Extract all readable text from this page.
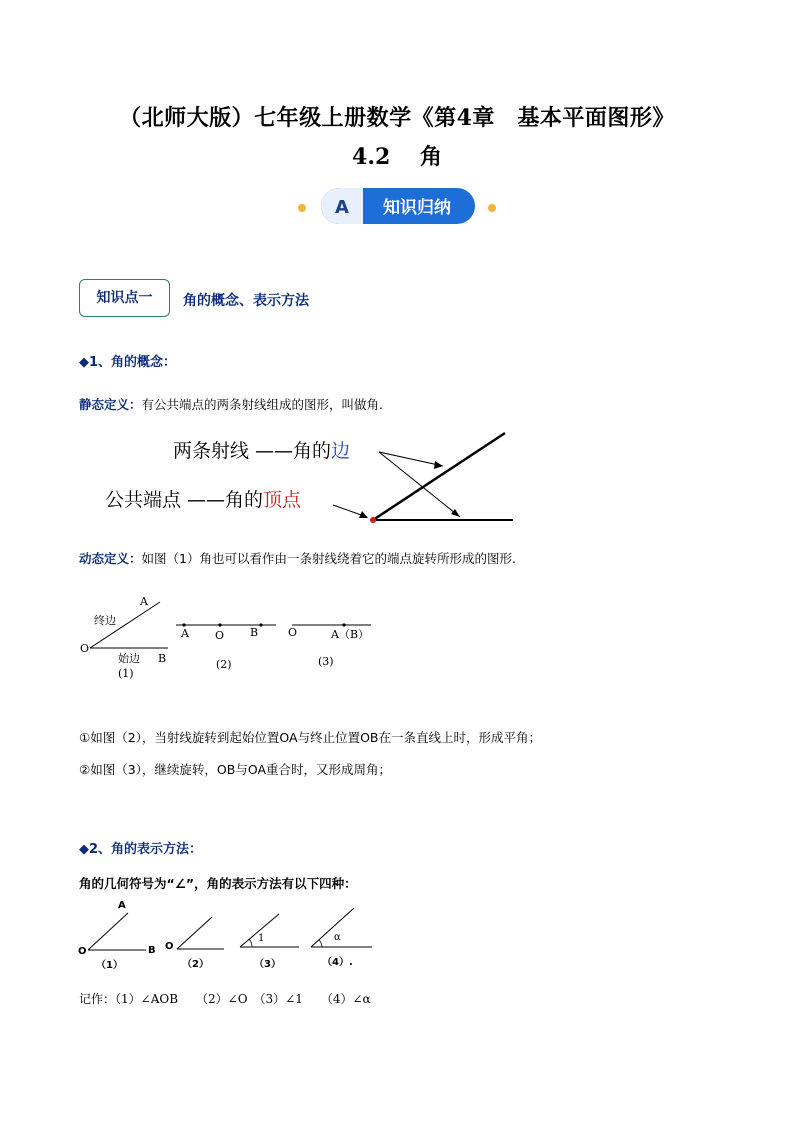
（北师大版）七年级上册数学《第4章　基本平面图形》
4.2　 角
A 知识归纳
知识点一	角的概念、表示方法
◆1、角的概念：
静态定义：有公共端点的两条射线组成的图形，叫做角.
两条射线 ——角的边
公共端点 ——角的顶点
动态定义：如图（1）角也可以看作由一条射线绕着它的端点旋转所形成的图形.
A
终边
O
始边 B
(1)
A O B
(2)
O	A（B）
(3)
①如图（2），当射线旋转到起始位置OA与终止位置OB在一条直线上时，形成平角；
②如图（3），继续旋转，OB与OA重合时，又形成周角；
◆2、角的表示方法：
角的几何符号为“∠”，角的表示方法有以下四种：
A
O	B
（1）
O
（2）
1
（3）
α
（4）.
记作：（1）∠AOB　　（2）∠O　（3）∠1　　（4）∠α
